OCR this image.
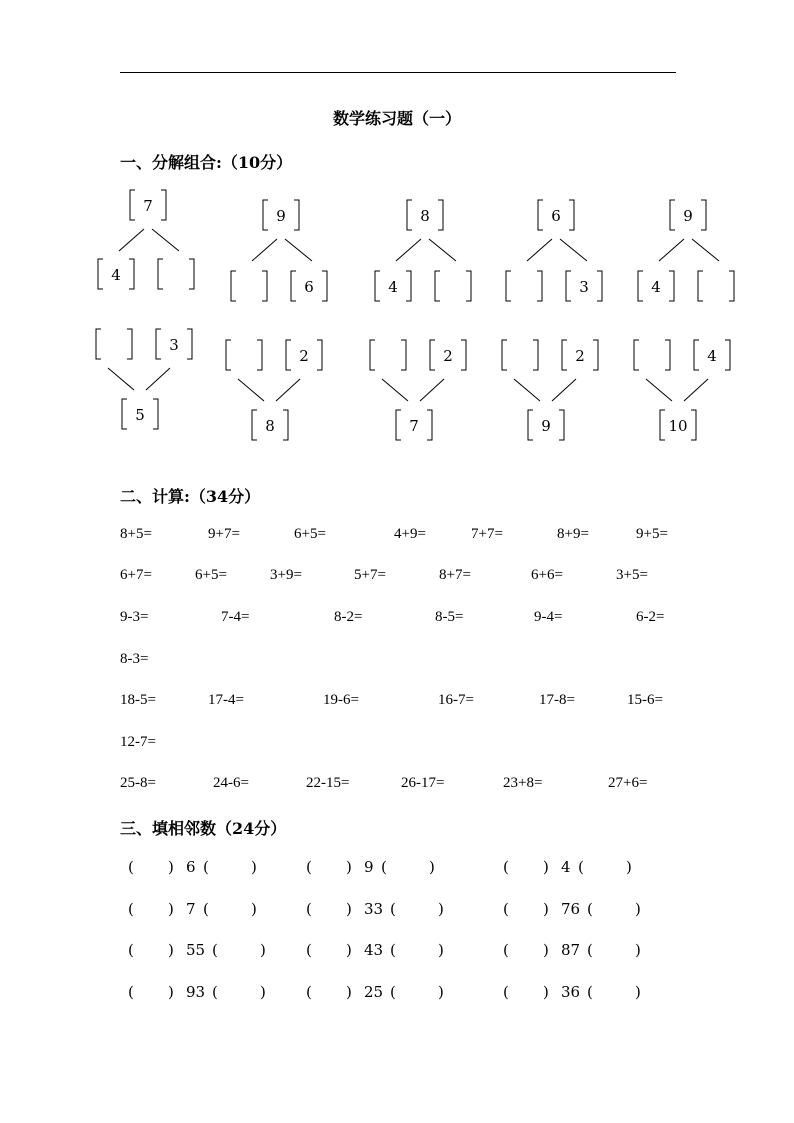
数学练习题（一）
一、分解组合:（10分）
7
4
9
6
8
4
6
3
9
4
3
5
2
8
2
7
2
9
4
10
二、计算:（34分）
8+5=	9+7=	6+5=	4+9=	7+7=	8+9=	9+5=
6+7=	6+5=	3+9=	5+7=	8+7=	6+6=	3+5=
9-3=	7-4=	8-2=	8-5=	9-4=	6-2=
8-3=
18-5=	17-4=	19-6=	16-7=	17-8=	15-6=
12-7=
25-8=	24-6=	22-15=	26-17=	23+8=	27+6=
三、填相邻数（24分）
( ) 6 (	)	( ) 9 (	)	( ) 4 (	)
( ) 7 (	)	( ) 33 (	)	( ) 76 (	)
( ) 55 (	)	( ) 43 (	)	( ) 87 (	)
( ) 93 (	)	( ) 25 (	)	( ) 36 (	)
